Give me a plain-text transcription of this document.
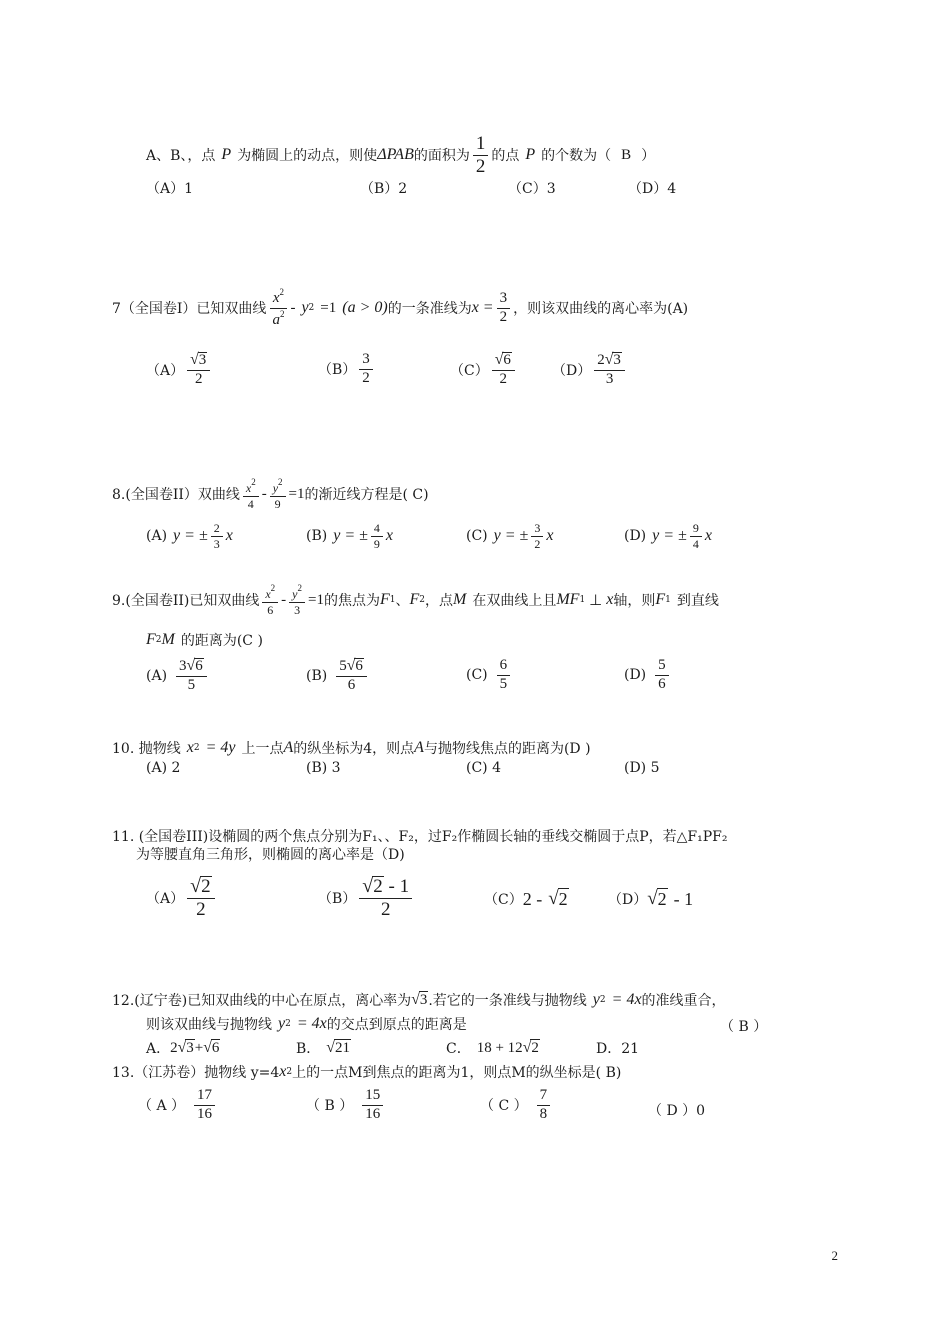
A、B、，点 P 为椭圆上的动点，则使 ΔPAB 的面积为 $\frac{1}{2}$ 的点 P 的个数为（ B ）
（A）1	（B）2	（C）3	（D）4
7（全国卷Ⅰ）已知双曲线 $\frac{x^2}{a^2}$ - y 2 =1 (a > 0) 的一条准线为 $x = \frac{3}{2}$ ，则该双曲线的离心率为(A)
$(A) \frac{√ 3}{2}$	$(B) \frac{3}{2}$	$(C) \frac{√ 6}{2}$	$(D) \frac{2 √ 3}{3}$
8.(全国卷II）双曲线 $\frac{x^2}{4} - \frac{y^2}{9} =1$ 的渐近线方程是( C)
(A) y = ± $\frac{2}{3}$ x	(B) y = ± $\frac{4}{9}$ x	(C) y = ± $\frac{3}{2}$ x	(D) y = ± $\frac{9}{4}$ x
9.(全国卷II)已知双曲线 $\frac{x^2}{6} - \frac{y^2}{3} =1$ 的焦点为 F 1 、 F 2 ，点 M 在双曲线上且 MF 1 ⊥ x 轴，则 F 1 到直线
F 2 M 的距离为(C )
$(A) \frac{3 √ 6}{5}$	$(B) \frac{5 √ 6}{6}$	$(C) \frac{6}{5}$	$(D) \frac{5}{6}$
10. 抛物线 x 2 = 4y 上一点 A 的纵坐标为4，则点 A 与抛物线焦点的距离为(D )
(A) 2	(B) 3	(C) 4	(D) 5
11. (全国卷III)设椭圆的两个焦点分别为F₁、、F₂，过F₂作椭圆长轴的垂线交椭圆于点P，若△F₁PF₂
为等腰直角三角形，则椭圆的离心率是（D)
$(A) \frac{√ 2}{2}$	$(B) \frac{√ 2 - 1}{2}$	（C） 2 - √ 2	（D） √ 2 - 1
12.(辽宁卷)已知双曲线的中心在原点，离心率为 √ 3 .若它的一条准线与抛物线 y 2 = 4x 的准线重合，
则该双曲线与抛物线 y 2 = 4x 的交点到原点的距离是	（ B ）
A． 2 √ 3 + √ 6	B． √ 21	C． 18 + 12 √ 2	D．21
13.（江苏卷）抛物线 y=4 x 2 上的一点M到焦点的距离为1，则点M的纵坐标是( B)
（ A ） $\frac{17}{16}$	（ B ） $\frac{15}{16}$	（ C ） $\frac{7}{8}$	（ D ）0
2
